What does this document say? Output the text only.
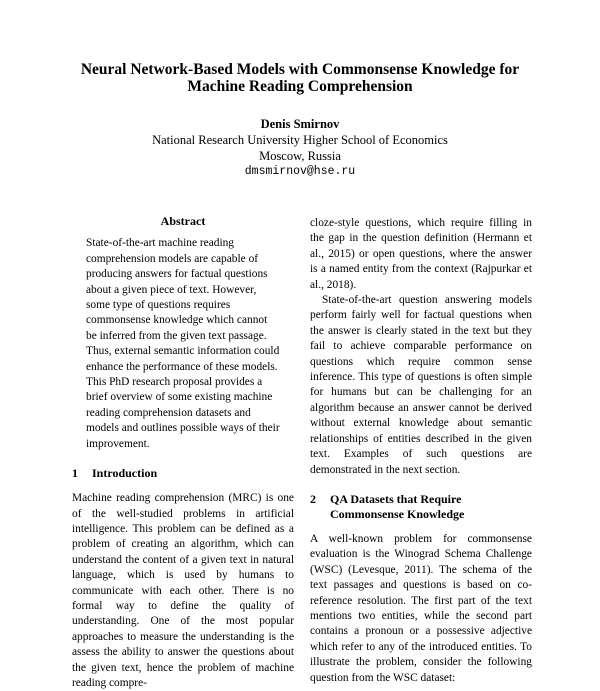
Neural Network-Based Models with Commonsense Knowledge for
Machine Reading Comprehension
Denis Smirnov
National Research University Higher School of Economics
Moscow, Russia
dmsmirnov@hse.ru
Abstract

State-of-the-art machine reading comprehension models are capable of producing answers for factual questions about a given piece of text. However, some type of questions requires commonsense knowledge which cannot be inferred from the given text passage. Thus, external semantic information could enhance the performance of these models. This PhD research proposal provides a brief overview of some existing machine reading comprehension datasets and models and outlines possible ways of their improvement.

1	Introduction

Machine reading comprehension (MRC) is one of the well-studied problems in artificial intelligence. This problem can be defined as a problem of creating an algorithm, which can understand the content of a given text in natural language, which is used by humans to communicate with each other. There is no formal way to define the quality of understanding. One of the most popular approaches to measure the understanding is the assess the ability to answer the questions about the given text, hence the problem of machine reading compre-

cloze-style questions, which require filling in the gap in the question definition (Hermann et al., 2015) or open questions, where the answer is a named entity from the context (Rajpurkar et al., 2018).

State-of-the-art question answering models perform fairly well for factual questions when the answer is clearly stated in the text but they fail to achieve comparable performance on questions which require common sense inference. This type of questions is often simple for humans but can be challenging for an algorithm because an answer cannot be derived without external knowledge about semantic relationships of entities described in the given text. Examples of such questions are demonstrated in the next section.

2	QA Datasets that Require
Commonsense Knowledge

A well-known problem for commonsense evaluation is the Winograd Schema Challenge (WSC) (Levesque, 2011). The schema of the text passages and questions is based on co-reference resolution. The first part of the text mentions two entities, while the second part contains a pronoun or a possessive adjective which refer to any of the introduced entities. To illustrate the problem, consider the following question from the WSC dataset:
